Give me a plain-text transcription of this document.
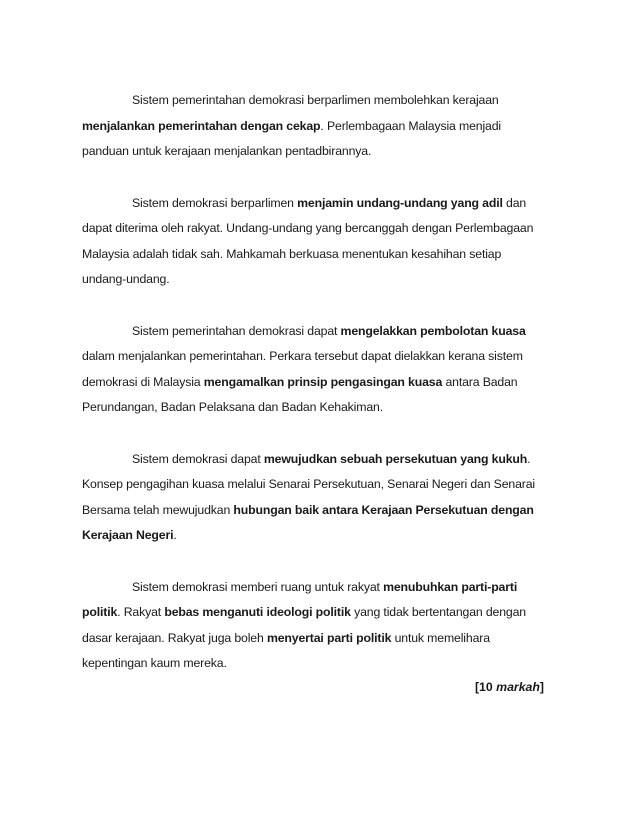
Sistem pemerintahan demokrasi berparlimen membolehkan kerajaan menjalankan pemerintahan dengan cekap. Perlembagaan Malaysia menjadi panduan untuk kerajaan menjalankan pentadbirannya.

Sistem demokrasi berparlimen menjamin undang-undang yang adil dan dapat diterima oleh rakyat. Undang-undang yang bercanggah dengan Perlembagaan Malaysia adalah tidak sah. Mahkamah berkuasa menentukan kesahihan setiap undang-undang.

Sistem pemerintahan demokrasi dapat mengelakkan pembolotan kuasa dalam menjalankan pemerintahan. Perkara tersebut dapat dielakkan kerana sistem demokrasi di Malaysia mengamalkan prinsip pengasingan kuasa antara Badan Perundangan, Badan Pelaksana dan Badan Kehakiman.

Sistem demokrasi dapat mewujudkan sebuah persekutuan yang kukuh. Konsep pengagihan kuasa melalui Senarai Persekutuan, Senarai Negeri dan Senarai Bersama telah mewujudkan hubungan baik antara Kerajaan Persekutuan dengan Kerajaan Negeri.

Sistem demokrasi memberi ruang untuk rakyat menubuhkan parti-parti politik. Rakyat bebas menganuti ideologi politik yang tidak bertentangan dengan dasar kerajaan. Rakyat juga boleh menyertai parti politik untuk memelihara kepentingan kaum mereka.

[10 markah]
